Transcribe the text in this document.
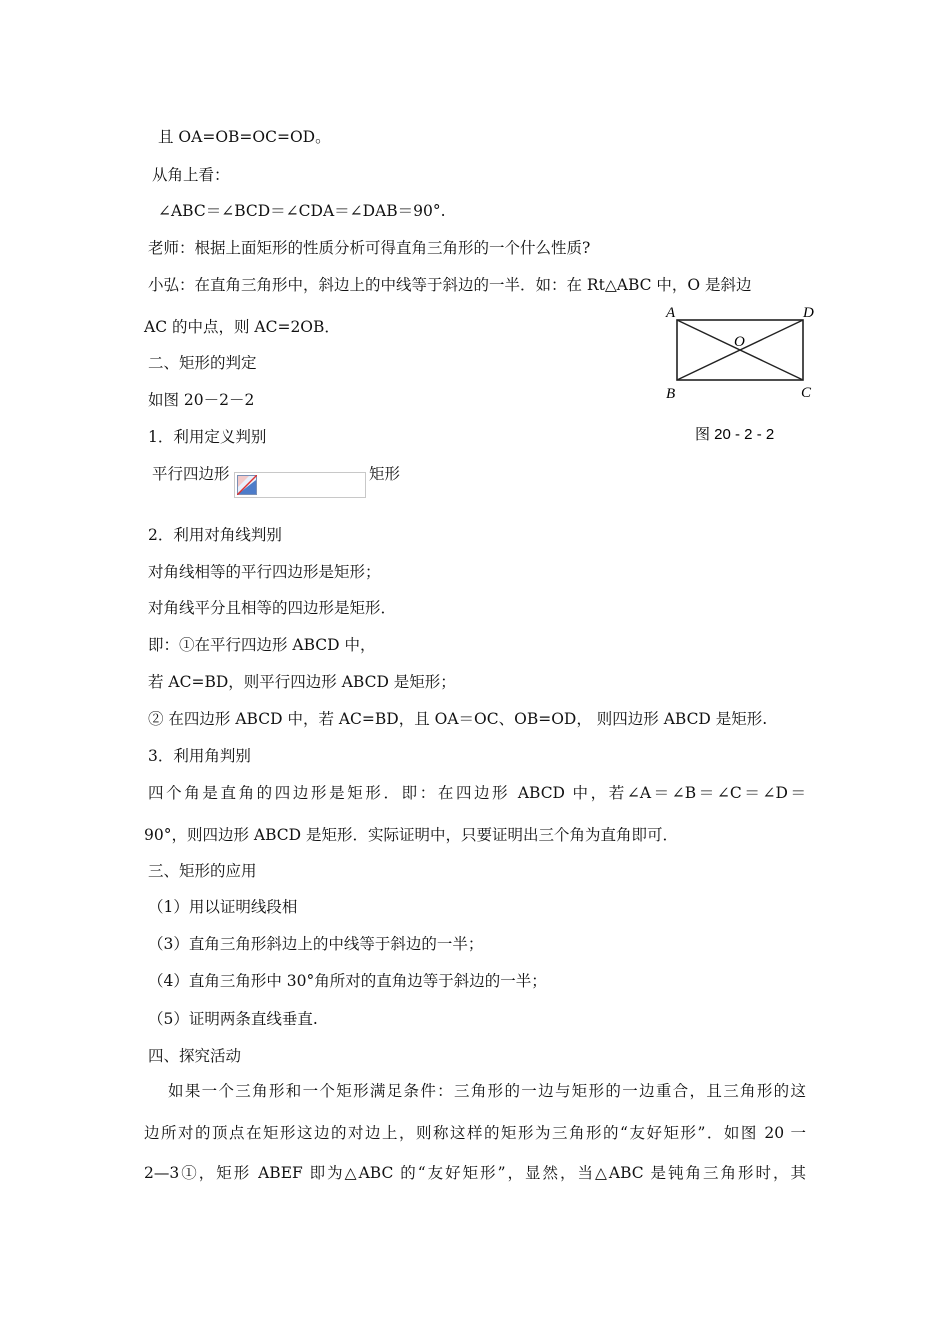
且 OA=OB=OC=OD。
从角上看：
∠ABC＝∠BCD＝∠CDA＝∠DAB＝90°.
老师：根据上面矩形的性质分析可得直角三角形的一个什么性质?
小弘：在直角三角形中，斜边上的中线等于斜边的一半．如：在 Rt△ABC 中，O 是斜边
AC 的中点，则 AC=2OB．
二、矩形的判定
如图 20－2－2
1．利用定义判别
平行四边形	矩形
2．利用对角线判别
对角线相等的平行四边形是矩形；
对角线平分且相等的四边形是矩形．
即：①在平行四边形 ABCD 中，
若 AC=BD，则平行四边形 ABCD 是矩形；
② 在四边形 ABCD 中，若 AC=BD，且 OA＝OC、OB=OD， 则四边形 ABCD 是矩形.
3．利用角判别
四个角是直角的四边形是矩形．即：在四边形 ABCD 中，若∠A＝∠B＝∠C＝∠D＝
90°，则四边形 ABCD 是矩形．实际证明中，只要证明出三个角为直角即可．
三、矩形的应用
（1）用以证明线段相
（3）直角三角形斜边上的中线等于斜边的一半；
（4）直角三角形中 30°角所对的直角边等于斜边的一半；
（5）证明两条直线垂直.
四、探究活动
如果一个三角形和一个矩形满足条件：三角形的一边与矩形的一边重合，且三角形的这
边所对的顶点在矩形这边的对边上，则称这样的矩形为三角形的“友好矩形”．如图 20 一
2—3①，矩形 ABEF 即为△ABC 的“友好矩形”，显然，当△ABC 是钝角三角形时，其
A	D
O
B	C
图 20 - 2 - 2
